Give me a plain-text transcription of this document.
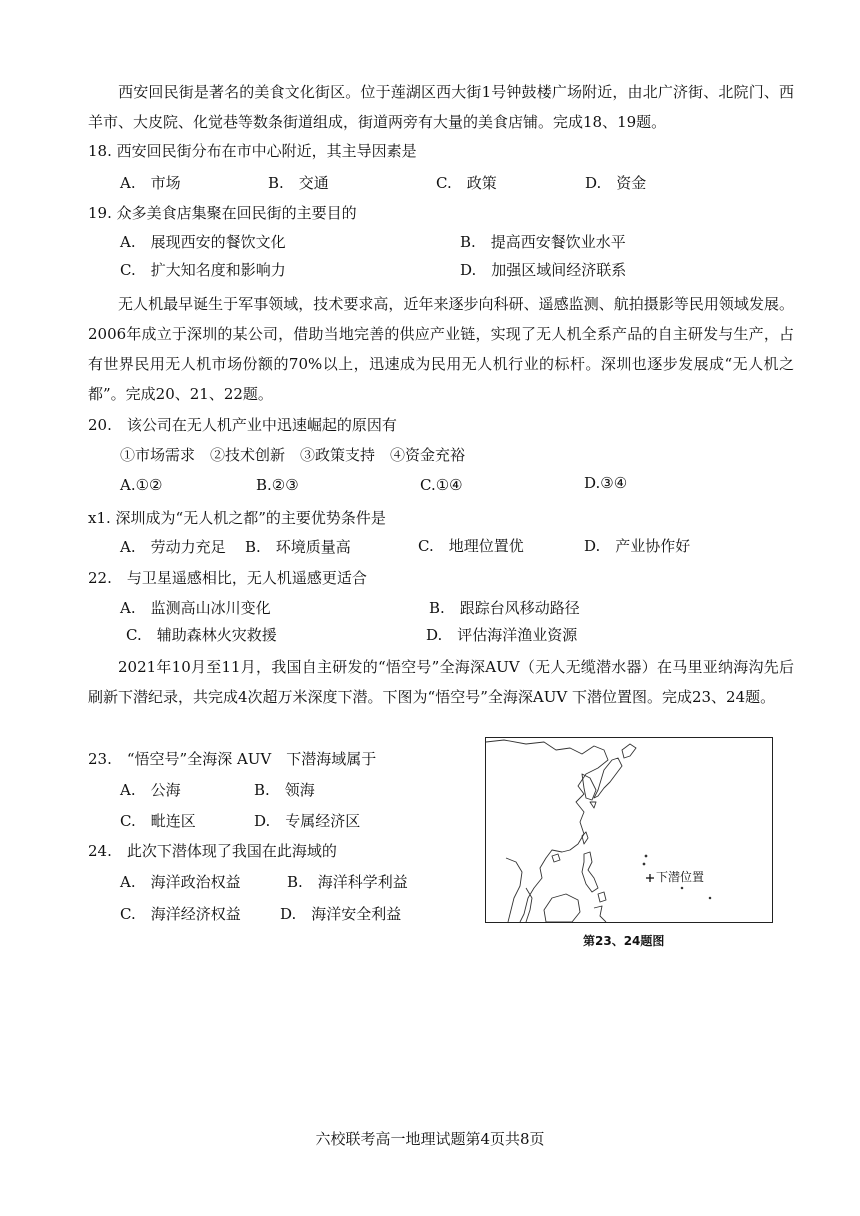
西安回民街是著名的美食文化街区。位于莲湖区西大街1号钟鼓楼广场附近，由北广济街、北院门、西羊市、大皮院、化觉巷等数条街道组成，街道两旁有大量的美食店铺。完成18、19题。
18. 西安回民街分布在市中心附近，其主导因素是
A.　市场	B.　交通	C.　政策	D.　资金
19. 众多美食店集聚在回民街的主要目的
A.　展现西安的餐饮文化	B.　提高西安餐饮业水平
C.　扩大知名度和影响力	D.　加强区域间经济联系
无人机最早诞生于军事领域，技术要求高，近年来逐步向科研、遥感监测、航拍摄影等民用领域发展。2006年成立于深圳的某公司，借助当地完善的供应产业链，实现了无人机全系产品的自主研发与生产，占有世界民用无人机市场份额的70%以上，迅速成为民用无人机行业的标杆。深圳也逐步发展成“无人机之都”。完成20、21、22题。
20.　该公司在无人机产业中迅速崛起的原因有
①市场需求　②技术创新　③政策支持　④资金充裕
A.①②	B.②③	C.①④	D.③④
x1. 深圳成为“无人机之都”的主要优势条件是
A.　劳动力充足 B.　环境质量高	C.　地理位置优	D.　产业协作好
22.　与卫星遥感相比，无人机遥感更适合
A.　监测高山冰川变化	B.　跟踪台风移动路径
C.　辅助森林火灾救援	D.　评估海洋渔业资源
2021年10月至11月，我国自主研发的“悟空号”全海深AUV（无人无缆潜水器）在马里亚纳海沟先后刷新下潜纪录，共完成4次超万米深度下潜。下图为“悟空号”全海深AUV 下潜位置图。完成23、24题。
23.　“悟空号”全海深 AUV　下潜海域属于
A.　公海	B.　领海
C.　毗连区	D.　专属经济区
24.　此次下潜体现了我国在此海域的
A.　海洋政治权益	B.　海洋科学利益
C.　海洋经济权益	D.　海洋安全利益
下潜位置
第23、24题图
六校联考高一地理试题第4页共8页
